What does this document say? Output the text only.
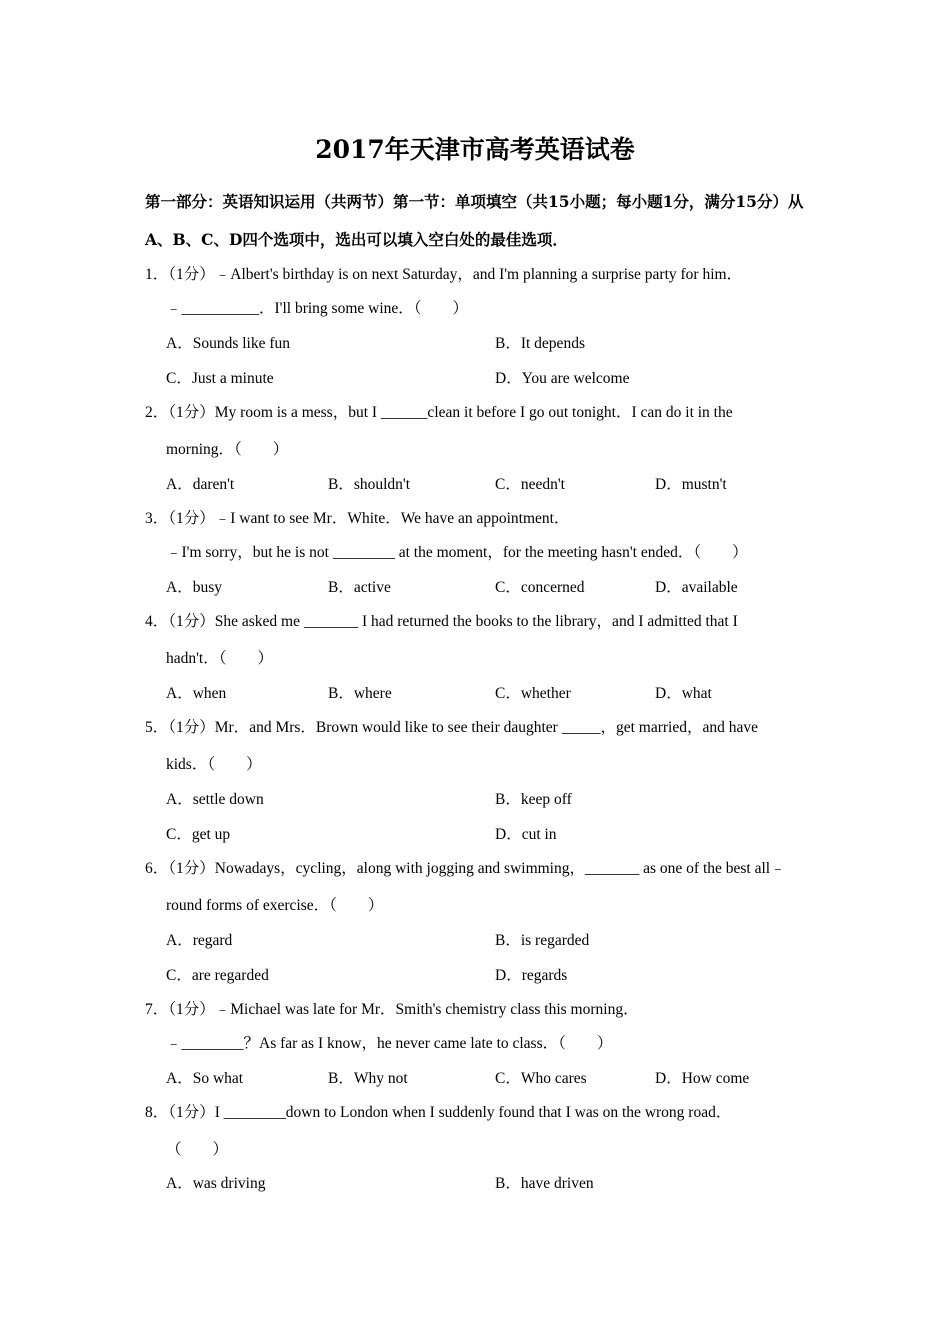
2017年天津市高考英语试卷
第一部分：英语知识运用（共两节）第一节：单项填空（共15小题；每小题1分，满分15分）从
A、B、C、D四个选项中，选出可以填入空白处的最佳选项．
1．（1分）﹣Albert's birthday is on next Saturday，and I'm planning a surprise party for him．
﹣__________．I'll bring some wine．（　　）
A．Sounds like fun	B．It depends
C．Just a minute	D．You are welcome
2．（1分）My room is a mess，but I ______clean it before I go out tonight．I can do it in the
morning．（　　）
A．daren't	B．shouldn't	C．needn't	D．mustn't
3．（1分）﹣I want to see Mr．White．We have an appointment．
﹣I'm sorry，but he is not ________ at the moment，for the meeting hasn't ended．（　　）
A．busy	B．active	C．concerned	D．available
4．（1分）She asked me _______ I had returned the books to the library，and I admitted that I
hadn't．（　　）
A．when	B．where	C．whether	D．what
5．（1分）Mr．and Mrs．Brown would like to see their daughter _____，get married，and have
kids．（　　）
A．settle down	B．keep off
C．get up	D．cut in
6．（1分）Nowadays，cycling，along with jogging and swimming，_______ as one of the best all﹣
round forms of exercise．（　　）
A．regard	B．is regarded
C．are regarded	D．regards
7．（1分）﹣Michael was late for Mr．Smith's chemistry class this morning．
﹣________？As far as I know，he never came late to class．（　　）
A．So what	B．Why not	C．Who cares	D．How come
8．（1分）I ________down to London when I suddenly found that I was on the wrong road．
（　　）
A．was driving	B．have driven
